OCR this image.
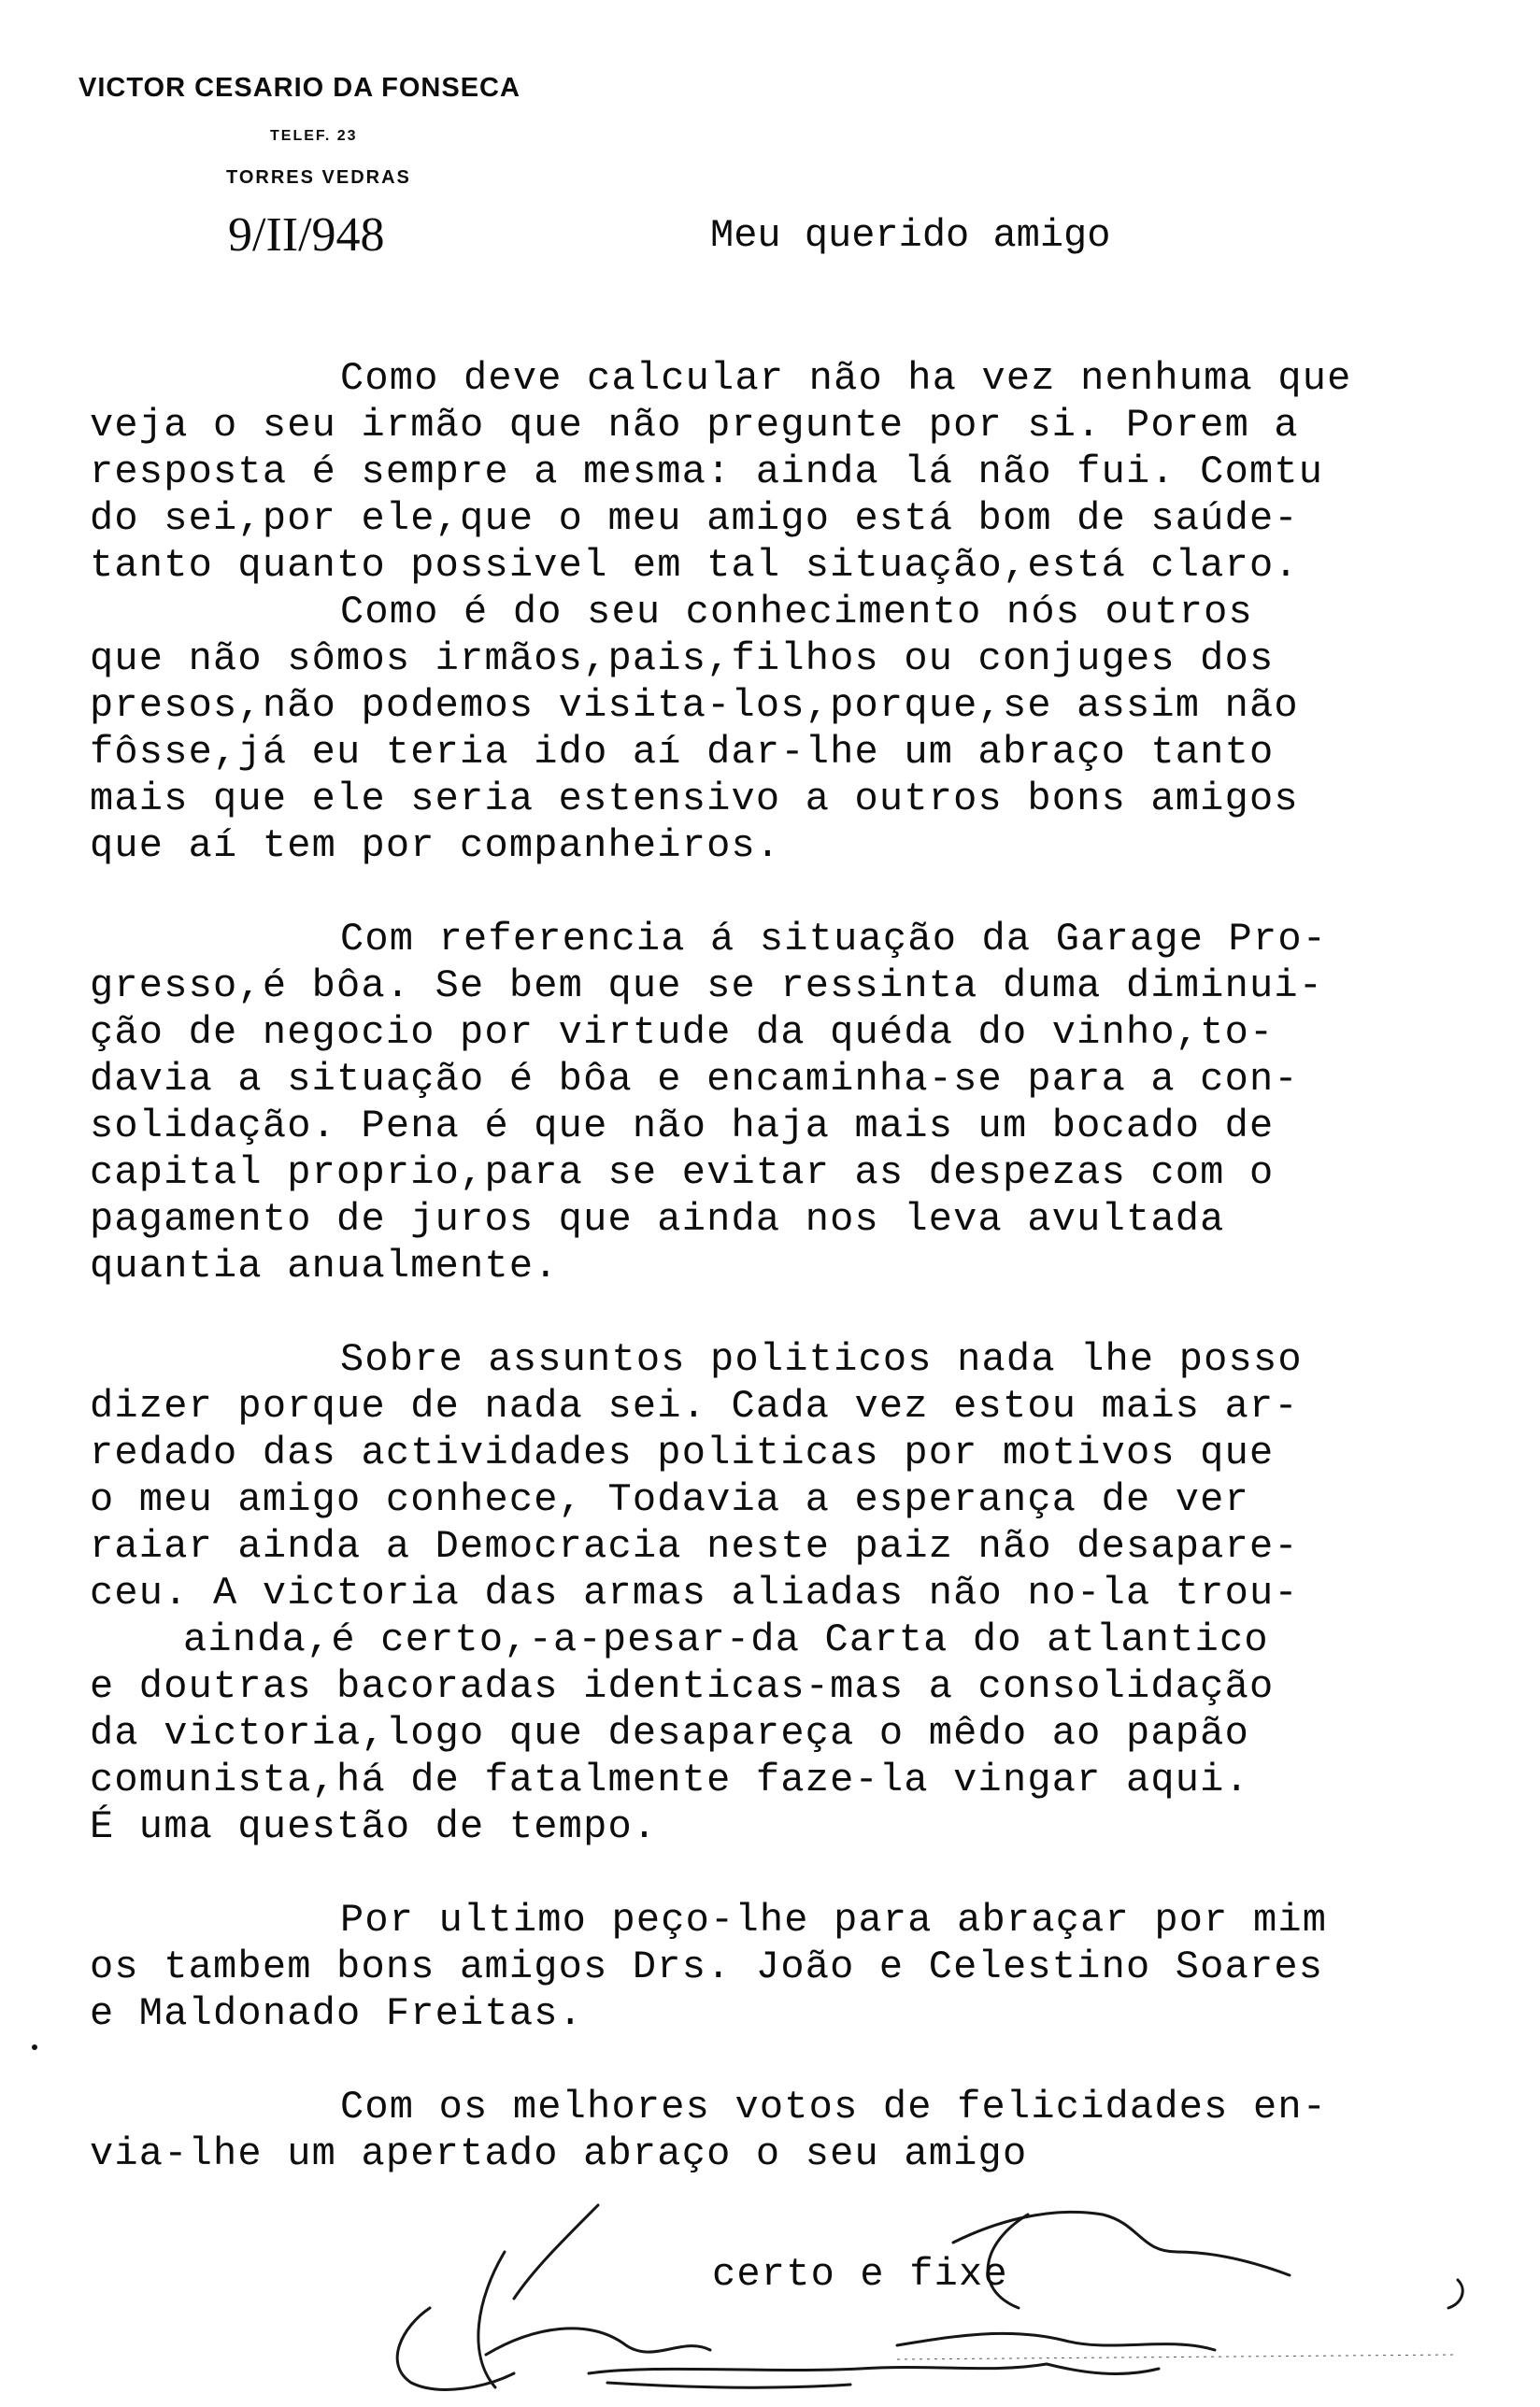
VICTOR CESARIO DA FONSECA
TELEF. 23
TORRES VEDRAS
9/II/948	Meu querido amigo
Como deve calcular não ha vez nenhuma que
veja o seu irmão que não pregunte por si. Porem a
resposta é sempre a mesma: ainda lá não fui. Comtu
do sei,por ele,que o meu amigo está bom de saúde-
tanto quanto possivel em tal situação,está claro.
Como é do seu conhecimento nós outros
que não sômos irmãos,pais,filhos ou conjuges dos
presos,não podemos visita-los,porque,se assim não
fôsse,já eu teria ido aí dar-lhe um abraço tanto
mais que ele seria estensivo a outros bons amigos
que aí tem por companheiros.
Com referencia á situação da Garage Pro-
gresso,é bôa. Se bem que se ressinta duma diminui-
ção de negocio por virtude da quéda do vinho,to-
davia a situação é bôa e encaminha-se para a con-
solidação. Pena é que não haja mais um bocado de
capital proprio,para se evitar as despezas com o
pagamento de juros que ainda nos leva avultada
quantia anualmente.
Sobre assuntos politicos nada lhe posso
dizer porque de nada sei. Cada vez estou mais ar-
redado das actividades politicas por motivos que
o meu amigo conhece, Todavia a esperança de ver
raiar ainda a Democracia neste paiz não desapare-
ceu. A victoria das armas aliadas não no-la trou-
ainda,é certo,-a-pesar-da Carta do atlantico
e doutras bacoradas identicas-mas a consolidação
da victoria,logo que desapareça o mêdo ao papão
comunista,há de fatalmente faze-la vingar aqui.
É uma questão de tempo.
Por ultimo peço-lhe para abraçar por mim
os tambem bons amigos Drs. João e Celestino Soares
e Maldonado Freitas.
Com os melhores votos de felicidades en-
via-lhe um apertado abraço o seu amigo
certo e fixe
